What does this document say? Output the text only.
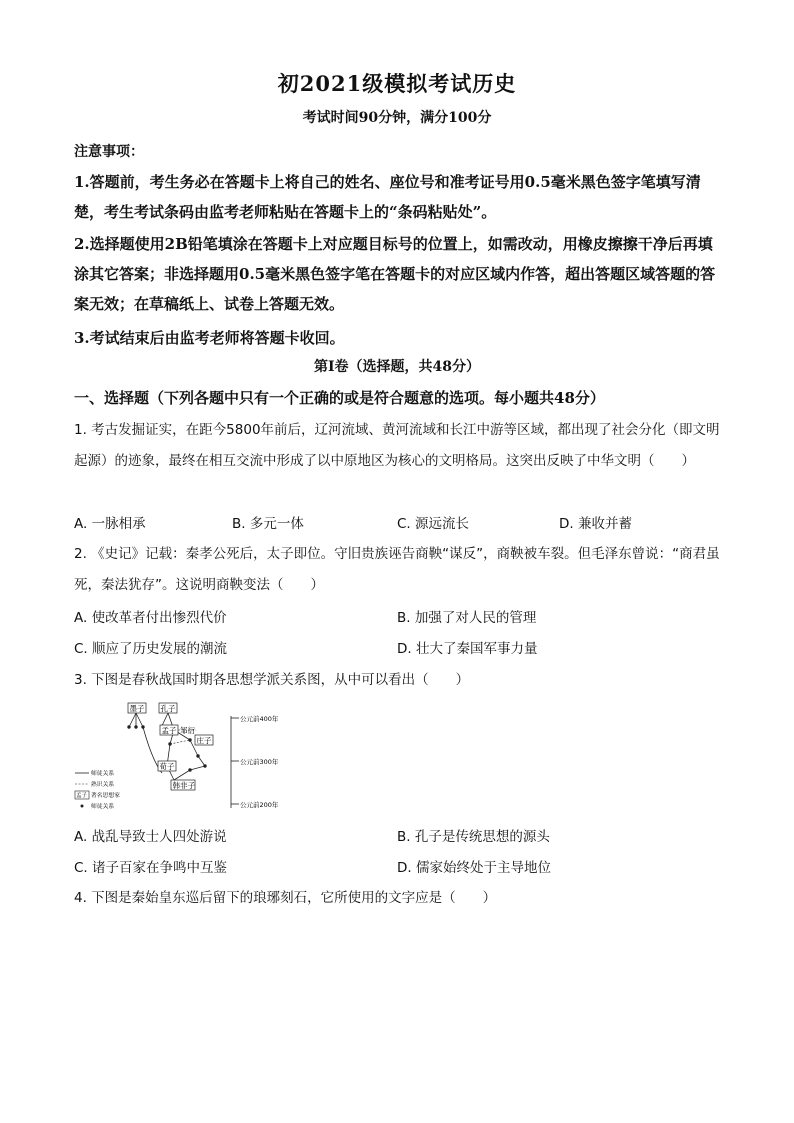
初2021级模拟考试历史
考试时间90分钟，满分100分
注意事项：
1.答题前，考生务必在答题卡上将自己的姓名、座位号和准考证号用0.5毫米黑色签字笔填写清楚，考生考试条码由监考老师粘贴在答题卡上的“条码粘贴处”。
2.选择题使用2B铅笔填涂在答题卡上对应题目标号的位置上，如需改动，用橡皮擦擦干净后再填涂其它答案；非选择题用0.5毫米黑色签字笔在答题卡的对应区域内作答，超出答题区域答题的答案无效；在草稿纸上、试卷上答题无效。
3.考试结束后由监考老师将答题卡收回。
第Ⅰ卷（选择题，共48分）
一、选择题（下列各题中只有一个正确的或是符合题意的选项。每小题共48分）
1. 考古发掘证实，在距今5800年前后，辽河流域、黄河流域和长江中游等区域，都出现了社会分化（即文明起源）的迹象，最终在相互交流中形成了以中原地区为核心的文明格局。这突出反映了中华文明（　　）
A. 一脉相承	B. 多元一体	C. 源远流长	D. 兼收并蓄
2. 《史记》记载：秦孝公死后，太子即位。守旧贵族诬告商鞅“谋反”，商鞅被车裂。但毛泽东曾说：“商君虽死，秦法犹存”。这说明商鞅变法（　　）
A. 使改革者付出惨烈代价	B. 加强了对人民的管理
C. 顺应了历史发展的潮流	D. 壮大了秦国军事力量
3. 下图是春秋战国时期各思想学派关系图，从中可以看出（　　）
公元前400年
公元前300年
公元前200年
墨子 孔子
孟子 邹衍
庄子
荀子
韩非子
师徒关系
熟识关系
孟子 著名思想家
师徒关系
A. 战乱导致士人四处游说	B. 孔子是传统思想的源头
C. 诸子百家在争鸣中互鉴	D. 儒家始终处于主导地位
4. 下图是秦始皇东巡后留下的琅琊刻石，它所使用的文字应是（　　）
